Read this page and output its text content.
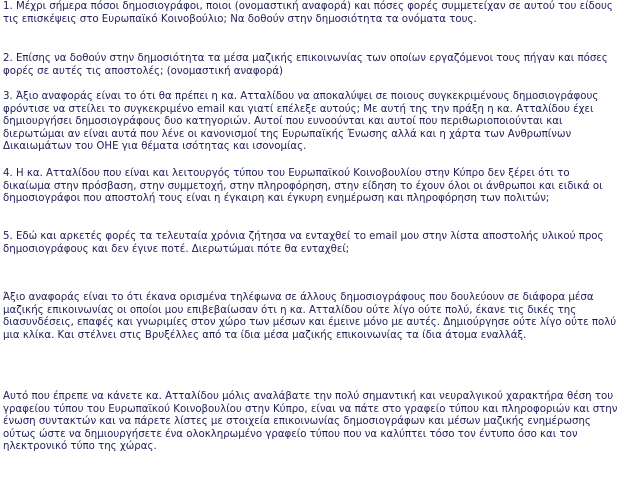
1. Μέχρι σήμερα πόσοι δημοσιογράφοι, ποιοι (ονομαστική αναφορά) και πόσες φορές συμμετείχαν σε αυτού του είδους τις επισκέψεις στο Ευρωπαϊκό Κοινοβούλιο; Να δοθούν στην δημοσιότητα τα ονόματα τους.

2. Επίσης να δοθούν στην δημοσιότητα τα μέσα μαζικής επικοινωνίας των οποίων εργαζόμενοι τους πήγαν και πόσες φορές σε αυτές τις αποστολές; (ονομαστική αναφορά)

3. Άξιο αναφοράς είναι το ότι θα πρέπει η κα. Ατταλίδου να αποκαλύψει σε ποιους συγκεκριμένους δημοσιογράφους φρόντισε να στείλει το συγκεκριμένο email και γιατί επέλεξε αυτούς; Με αυτή της την πράξη η κα. Ατταλίδου έχει δημιουργήσει δημοσιογράφους δυο κατηγοριών. Αυτοί που ευνοούνται και αυτοί που περιθωριοποιούνται και διερωτώμαι αν είναι αυτά που λένε οι κανονισμοί της Ευρωπαϊκής Ένωσης αλλά και η χάρτα των Ανθρωπίνων Δικαιωμάτων του ΟΗΕ για θέματα ισότητας και ισονομίας.

4. Η κα. Ατταλίδου που είναι και λειτουργός τύπου του Ευρωπαϊκού Κοινοβουλίου στην Κύπρο δεν ξέρει ότι το δικαίωμα στην πρόσβαση, στην συμμετοχή, στην πληροφόρηση, στην είδηση το έχουν όλοι οι άνθρωποι και ειδικά οι δημοσιογράφοι που αποστολή τους είναι η έγκαιρη και έγκυρη ενημέρωση και πληροφόρηση των πολιτών;

5. Εδώ και αρκετές φορές τα τελευταία χρόνια ζήτησα να ενταχθεί το email μου στην λίστα αποστολής υλικού προς δημοσιογράφους και δεν έγινε ποτέ. Διερωτώμαι πότε θα ενταχθεί;

Άξιο αναφοράς είναι το ότι έκανα ορισμένα τηλέφωνα σε άλλους δημοσιογράφους που δουλεύουν σε διάφορα μέσα μαζικής επικοινωνίας οι οποίοι μου επιβεβαίωσαν ότι η κα. Ατταλίδου ούτε λίγο ούτε πολύ, έκανε τις δικές της διασυνδέσεις, επαφές και γνωριμίες στον χώρο των μέσων και έμεινε μόνο με αυτές. Δημιούργησε ούτε λίγο ούτε πολύ μια κλίκα. Και στέλνει στις Βρυξέλλες από τα ίδια μέσα μαζικής επικοινωνίας τα ίδια άτομα εναλλάξ.

Αυτό που έπρεπε να κάνετε κα. Ατταλίδου μόλις αναλάβατε την πολύ σημαντική και νευραλγικού χαρακτήρα θέση του γραφείου τύπου του Ευρωπαϊκού Κοινοβουλίου στην Κύπρο, είναι να πάτε στο γραφείο τύπου και πληροφοριών και στην ένωση συντακτών και να πάρετε λίστες με στοιχεία επικοινωνίας δημοσιογράφων και μέσων μαζικής ενημέρωσης ούτως ώστε να δημιουργήσετε ένα ολοκληρωμένο γραφείο τύπου που να καλύπτει τόσο τον έντυπο όσο και τον ηλεκτρονικό τύπο της χώρας.
